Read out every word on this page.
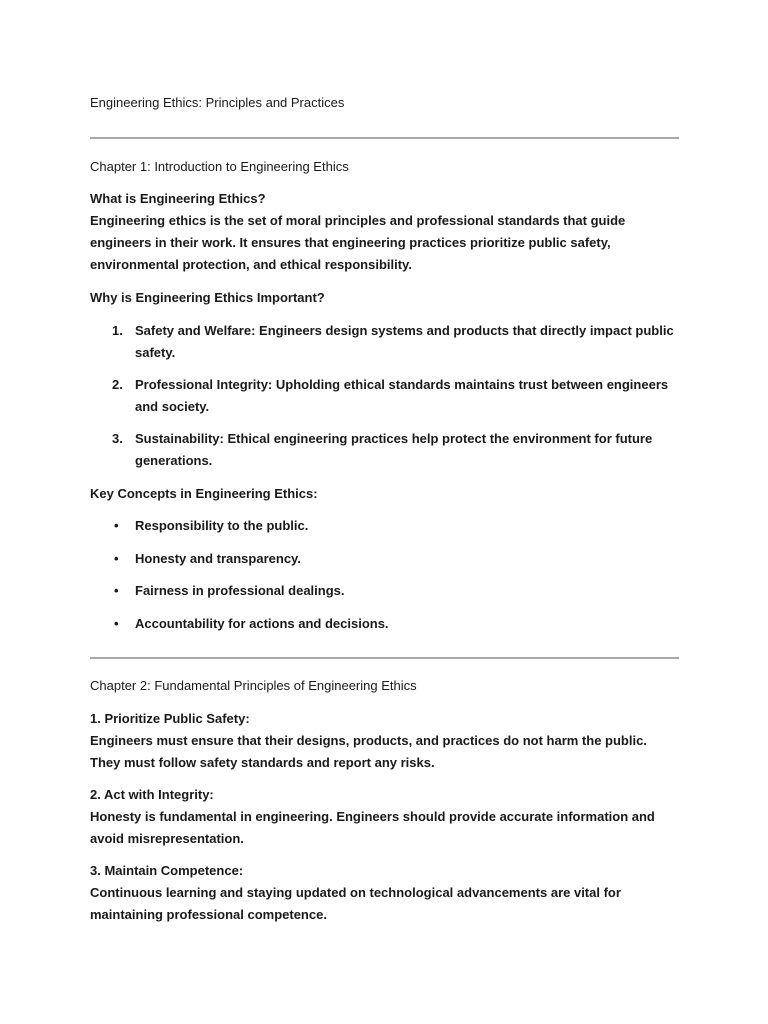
Engineering Ethics: Principles and Practices
Chapter 1: Introduction to Engineering Ethics
What is Engineering Ethics?
Engineering ethics is the set of moral principles and professional standards that guide engineers in their work. It ensures that engineering practices prioritize public safety, environmental protection, and ethical responsibility.
Why is Engineering Ethics Important?
1. Safety and Welfare: Engineers design systems and products that directly impact public safety.
2. Professional Integrity: Upholding ethical standards maintains trust between engineers and society.
3. Sustainability: Ethical engineering practices help protect the environment for future generations.
Key Concepts in Engineering Ethics:
• Responsibility to the public.
• Honesty and transparency.
• Fairness in professional dealings.
• Accountability for actions and decisions.
Chapter 2: Fundamental Principles of Engineering Ethics
1. Prioritize Public Safety:
Engineers must ensure that their designs, products, and practices do not harm the public. They must follow safety standards and report any risks.
2. Act with Integrity:
Honesty is fundamental in engineering. Engineers should provide accurate information and avoid misrepresentation.
3. Maintain Competence:
Continuous learning and staying updated on technological advancements are vital for maintaining professional competence.
